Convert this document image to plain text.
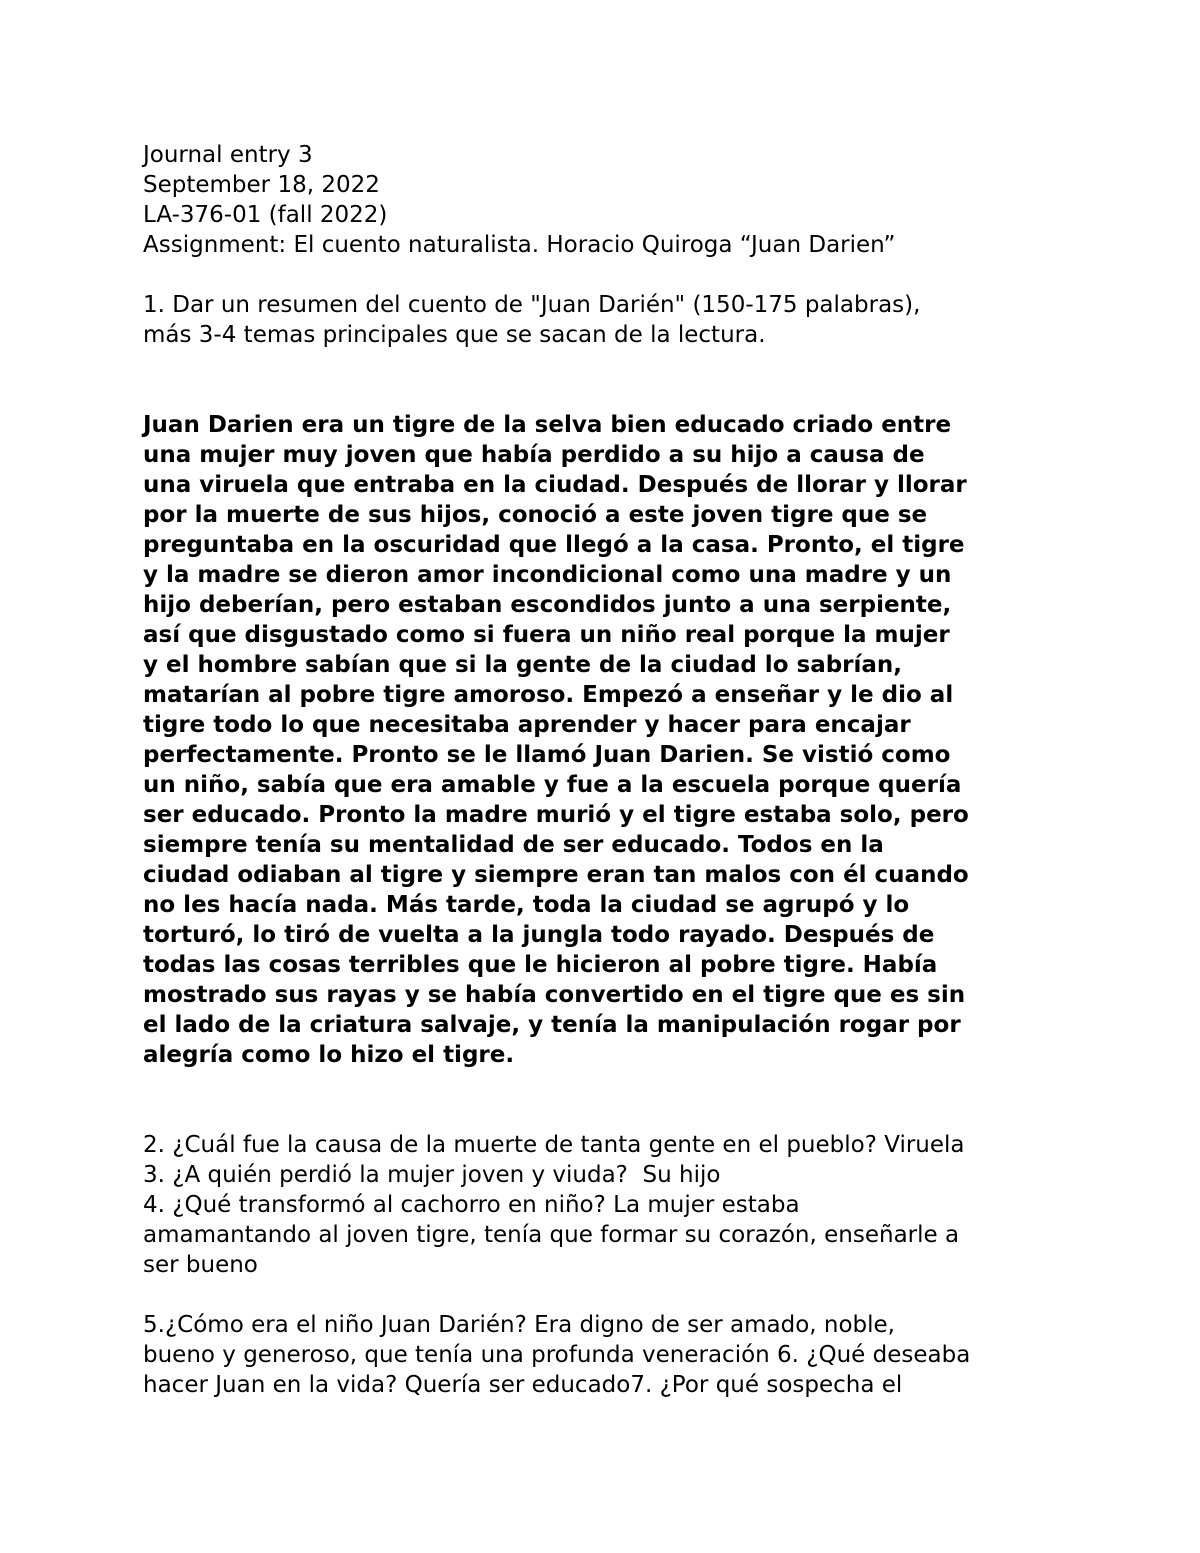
Journal entry 3
September 18, 2022
LA-376-01 (fall 2022)
Assignment: El cuento naturalista. Horacio Quiroga “Juan Darien”
1. Dar un resumen del cuento de "Juan Darién" (150-175 palabras),
más 3-4 temas principales que se sacan de la lectura.
Juan Darien era un tigre de la selva bien educado criado entre
una mujer muy joven que había perdido a su hijo a causa de
una viruela que entraba en la ciudad. Después de llorar y llorar
por la muerte de sus hijos, conoció a este joven tigre que se
preguntaba en la oscuridad que llegó a la casa. Pronto, el tigre
y la madre se dieron amor incondicional como una madre y un
hijo deberían, pero estaban escondidos junto a una serpiente,
así que disgustado como si fuera un niño real porque la mujer
y el hombre sabían que si la gente de la ciudad lo sabrían,
matarían al pobre tigre amoroso. Empezó a enseñar y le dio al
tigre todo lo que necesitaba aprender y hacer para encajar
perfectamente. Pronto se le llamó Juan Darien. Se vistió como
un niño, sabía que era amable y fue a la escuela porque quería
ser educado. Pronto la madre murió y el tigre estaba solo, pero
siempre tenía su mentalidad de ser educado. Todos en la
ciudad odiaban al tigre y siempre eran tan malos con él cuando
no les hacía nada. Más tarde, toda la ciudad se agrupó y lo
torturó, lo tiró de vuelta a la jungla todo rayado. Después de
todas las cosas terribles que le hicieron al pobre tigre. Había
mostrado sus rayas y se había convertido en el tigre que es sin
el lado de la criatura salvaje, y tenía la manipulación rogar por
alegría como lo hizo el tigre.
2. ¿Cuál fue la causa de la muerte de tanta gente en el pueblo? Viruela
3. ¿A quién perdió la mujer joven y viuda?  Su hijo
4. ¿Qué transformó al cachorro en niño? La mujer estaba
amamantando al joven tigre, tenía que formar su corazón, enseñarle a
ser bueno
5.¿Cómo era el niño Juan Darién? Era digno de ser amado, noble,
bueno y generoso, que tenía una profunda veneración 6. ¿Qué deseaba
hacer Juan en la vida? Quería ser educado7. ¿Por qué sospecha el
